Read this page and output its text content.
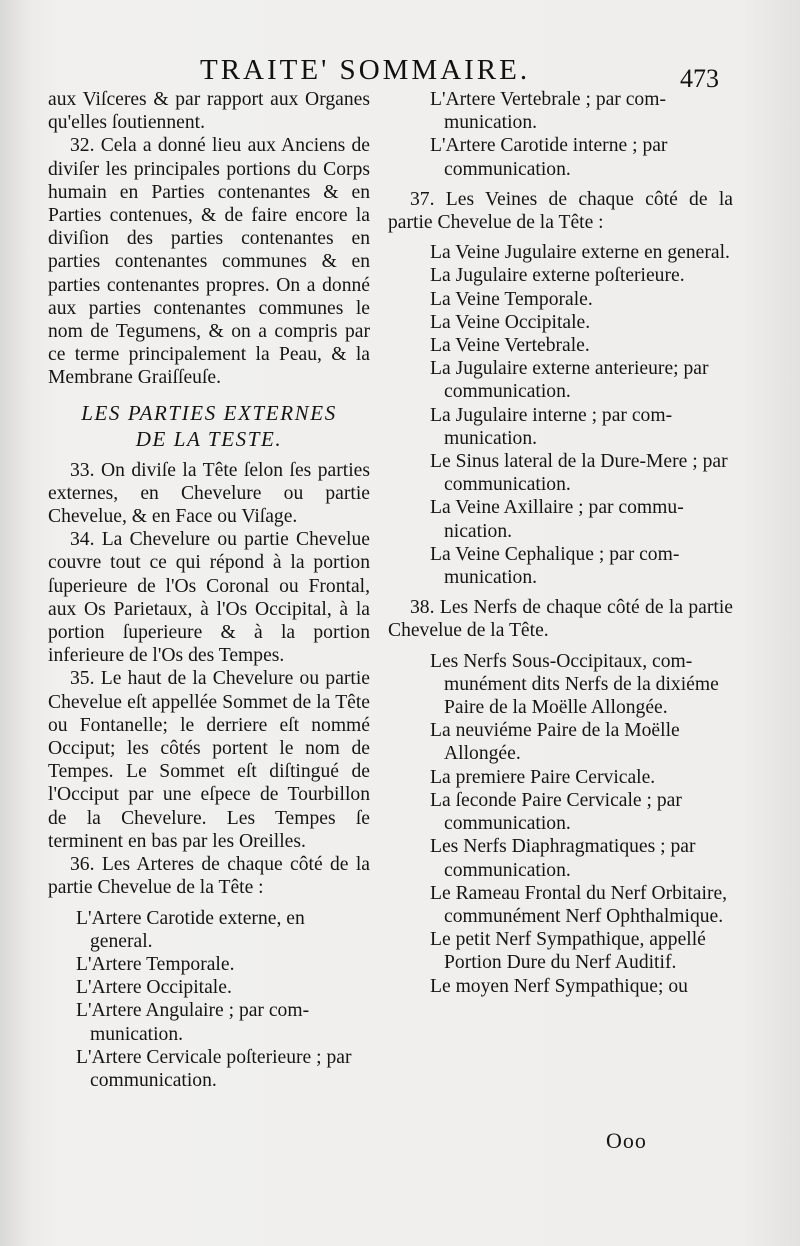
TRAITE' SOMMAIRE.	473

aux Viſceres & par rapport aux Organes qu'elles ſoutiennent.

32. Cela a donné lieu aux Anciens de diviſer les principales portions du Corps humain en Parties contenantes & en Parties contenues, & de faire encore la diviſion des parties contenantes en parties contenantes communes & en parties contenantes propres. On a donné aux parties contenantes communes le nom de Tegumens, & on a compris par ce terme principalement la Peau, & la Membrane Graiſſeuſe.

LES PARTIES EXTERNES
DE LA TESTE.

33. On diviſe la Tête ſelon ſes parties externes, en Chevelure ou partie Chevelue, & en Face ou Viſage.

34. La Chevelure ou partie Chevelue couvre tout ce qui répond à la portion ſuperieure de l'Os Coronal ou Frontal, aux Os Parietaux, à l'Os Occipital, à la portion ſuperieure & à la portion inferieure de l'Os des Tempes.

35. Le haut de la Chevelure ou partie Chevelue eſt appellée Sommet de la Tête ou Fontanelle; le derriere eſt nommé Occiput; les côtés portent le nom de Tempes. Le Sommet eſt diſtingué de l'Occiput par une eſpece de Tourbillon de la Chevelure. Les Tempes ſe terminent en bas par les Oreilles.

36. Les Arteres de chaque côté de la partie Chevelue de la Tête :

L'Artere Carotide externe, en general.

L'Artere Temporale.

L'Artere Occipitale.

L'Artere Angulaire ; par communication.

L'Artere Cervicale poſterieure ; par communication.

L'Artere Vertebrale ; par communication.

L'Artere Carotide interne ; par communication.

37. Les Veines de chaque côté de la partie Chevelue de la Tête :

La Veine Jugulaire externe en general.

La Jugulaire externe poſterieure.

La Veine Temporale.

La Veine Occipitale.

La Veine Vertebrale.

La Jugulaire externe anterieure; par communication.

La Jugulaire interne ; par communication.

Le Sinus lateral de la Dure-Mere ; par communication.

La Veine Axillaire ; par communication.

La Veine Cephalique ; par communication.

38. Les Nerfs de chaque côté de la partie Chevelue de la Tête.

Les Nerfs Sous-Occipitaux, communément dits Nerfs de la dixiéme Paire de la Moëlle Allongée.

La neuviéme Paire de la Moëlle Allongée.

La premiere Paire Cervicale.

La ſeconde Paire Cervicale ; par communication.

Les Nerfs Diaphragmatiques ; par communication.

Le Rameau Frontal du Nerf Orbitaire, communément Nerf Ophthalmique.

Le petit Nerf Sympathique, appellé Portion Dure du Nerf Auditif.

Le moyen Nerf Sympathique; ou

Ooo
